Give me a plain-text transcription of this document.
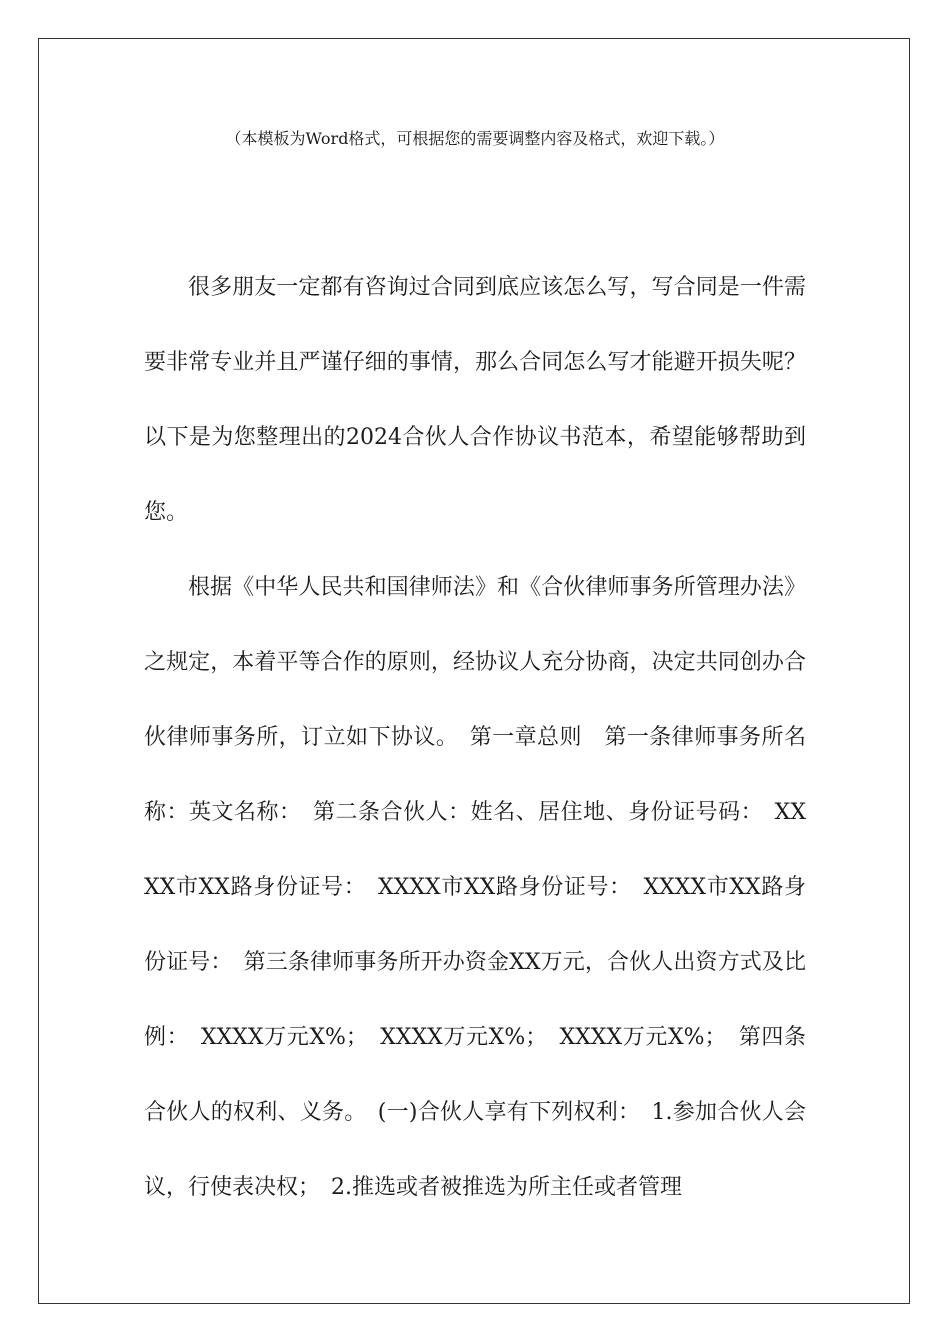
（本模板为Word格式，可根据您的需要调整内容及格式，欢迎下载。）

很多朋友一定都有咨询过合同到底应该怎么写，写合同是一件需要非常专业并且严谨仔细的事情，那么合同怎么写才能避开损失呢？以下是为您整理出的2024合伙人合作协议书范本，希望能够帮助到您。

根据《中华人民共和国律师法》和《合伙律师事务所管理办法》之规定，本着平等合作的原则，经协议人充分协商，决定共同创办合伙律师事务所，订立如下协议。　第一章总则　第一条律师事务所名称：英文名称：　第二条合伙人：姓名、居住地、身份证号码：　XXXX市XX路身份证号：　XXXX市XX路身份证号：　XXXX市XX路身份证号：　第三条律师事务所开办资金XX万元，合伙人出资方式及比例：　XXXX万元X%；　XXXX万元X%；　XXXX万元X%；　第四条合伙人的权利、义务。　(一)合伙人享有下列权利：　1.参加合伙人会议，行使表决权；　2.推选或者被推选为所主任或者管理
